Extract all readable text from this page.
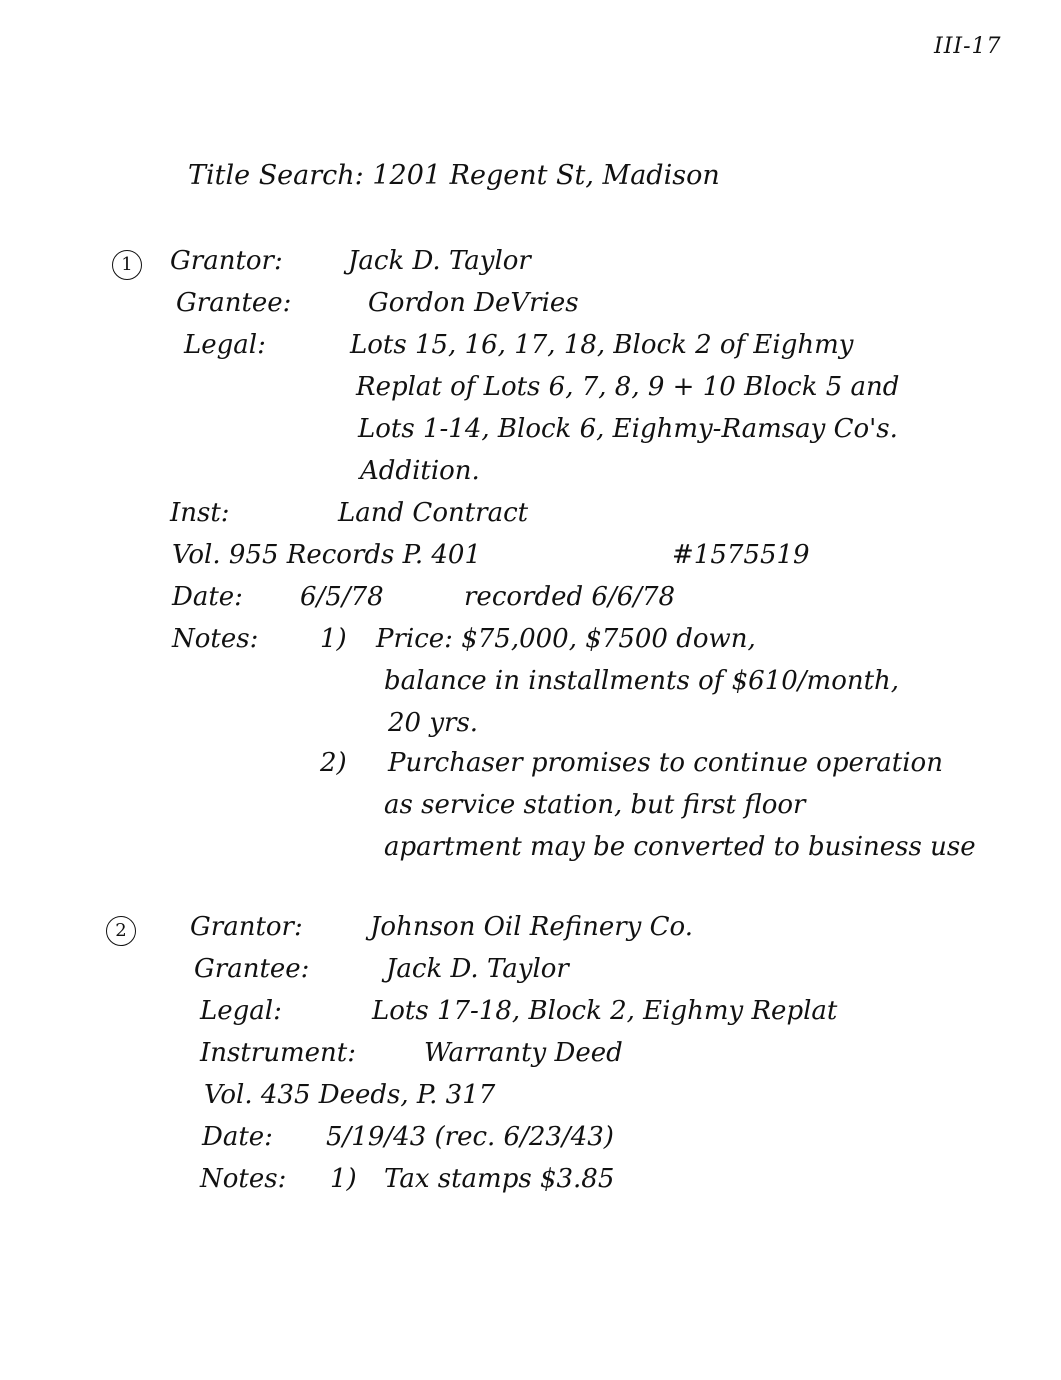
III-17
Title Search: 1201 Regent St, Madison
1	Grantor:	Jack D. Taylor
Grantee:	Gordon DeVries
Legal:	Lots 15, 16, 17, 18, Block 2 of Eighmy
Replat of Lots 6, 7, 8, 9 + 10 Block 5 and
Lots 1-14, Block 6, Eighmy-Ramsay Co's.
Addition.
Inst:	Land Contract
Vol. 955 Records P. 401	#1575519
Date: 6/5/78	recorded 6/6/78
Notes: 1) Price: $75,000, $7500 down,
balance in installments of $610/month,
20 yrs.
2) Purchaser promises to continue operation
as service station, but first floor
apartment may be converted to business use
2	Grantor:	Johnson Oil Refinery Co.
Grantee:	Jack D. Taylor
Legal:	Lots 17-18, Block 2, Eighmy Replat
Instrument:	Warranty Deed
Vol. 435 Deeds, P. 317
Date: 5/19/43 (rec. 6/23/43)
Notes: 1) Tax stamps $3.85
